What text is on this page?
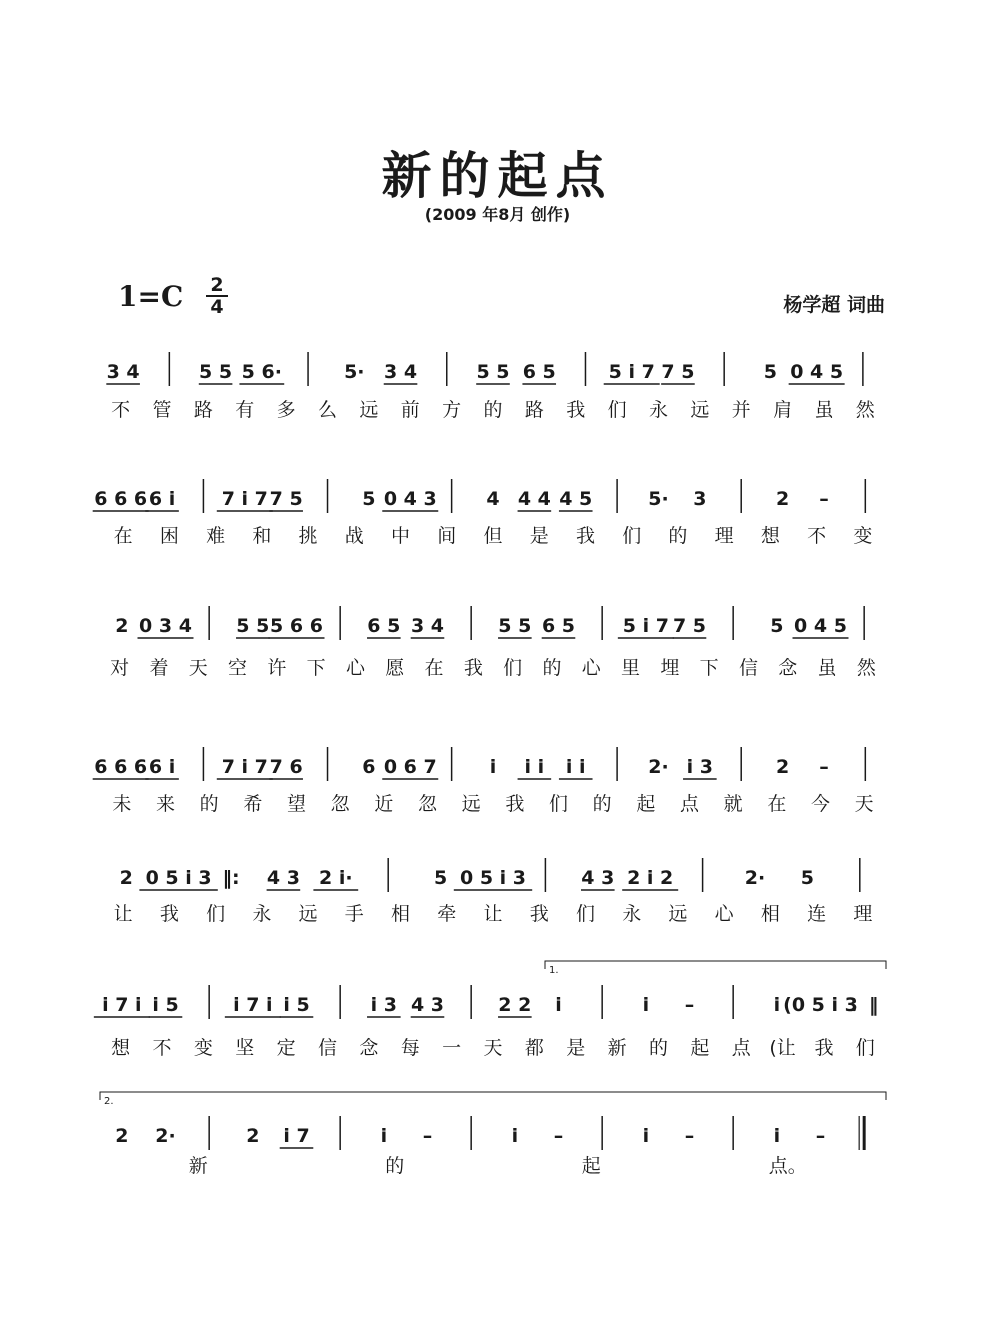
新的起点
(2009 年8月 创作)
1=C 2
4	杨学超 词曲
3 4	5 5 5 6·	5· 3 4	5 5 6 5	5 i 7 7 5	5 0 4 5
不 管 路 有 多 么 远 前 方 的 路 我 们 永 远 并 肩 虽 然
6 6 6 6 i 7 i 7 7 5	5 0 4 3	4 4 4 4 5	5· 3	2 –
在 困 难 和 挑 战 中 间 但 是 我 们 的 理 想 不 变
2 0 3 4 5 5 5 6 6 6 5 3 4	5 5 6 5	5 i 7 7 5	5 0 4 5
对 着 天 空 许 下 心 愿 在 我 们 的 心 里 埋 下 信 念 虽 然
6 6 6 6 i 7 i 7 7 6	6 0 6 7	i i i i i	2· i 3	2 –
未 来 的 希 望 忽 近 忽 远 我 们 的 起 点 就 在 今 天
2 0 5 i 3 ‖: 4 3 2 i·	5 0 5 i 3	4 3 2 i 2	2· 5
让 我 们 永 远 手 相 牵 让 我 们 永 远 心 相 连 理
i 7 i i 5	i 7 i i 5	i 3 4 3	2 2 i	i –	i (0 5 i 3
：‖
想 不 变 坚 定 信 念 每 一 天 都 是 新 的 起 点 (让 我 们
1.
2 2·	2 i 7	i –	i –	i –	i –
新	的	起	点。
2.
